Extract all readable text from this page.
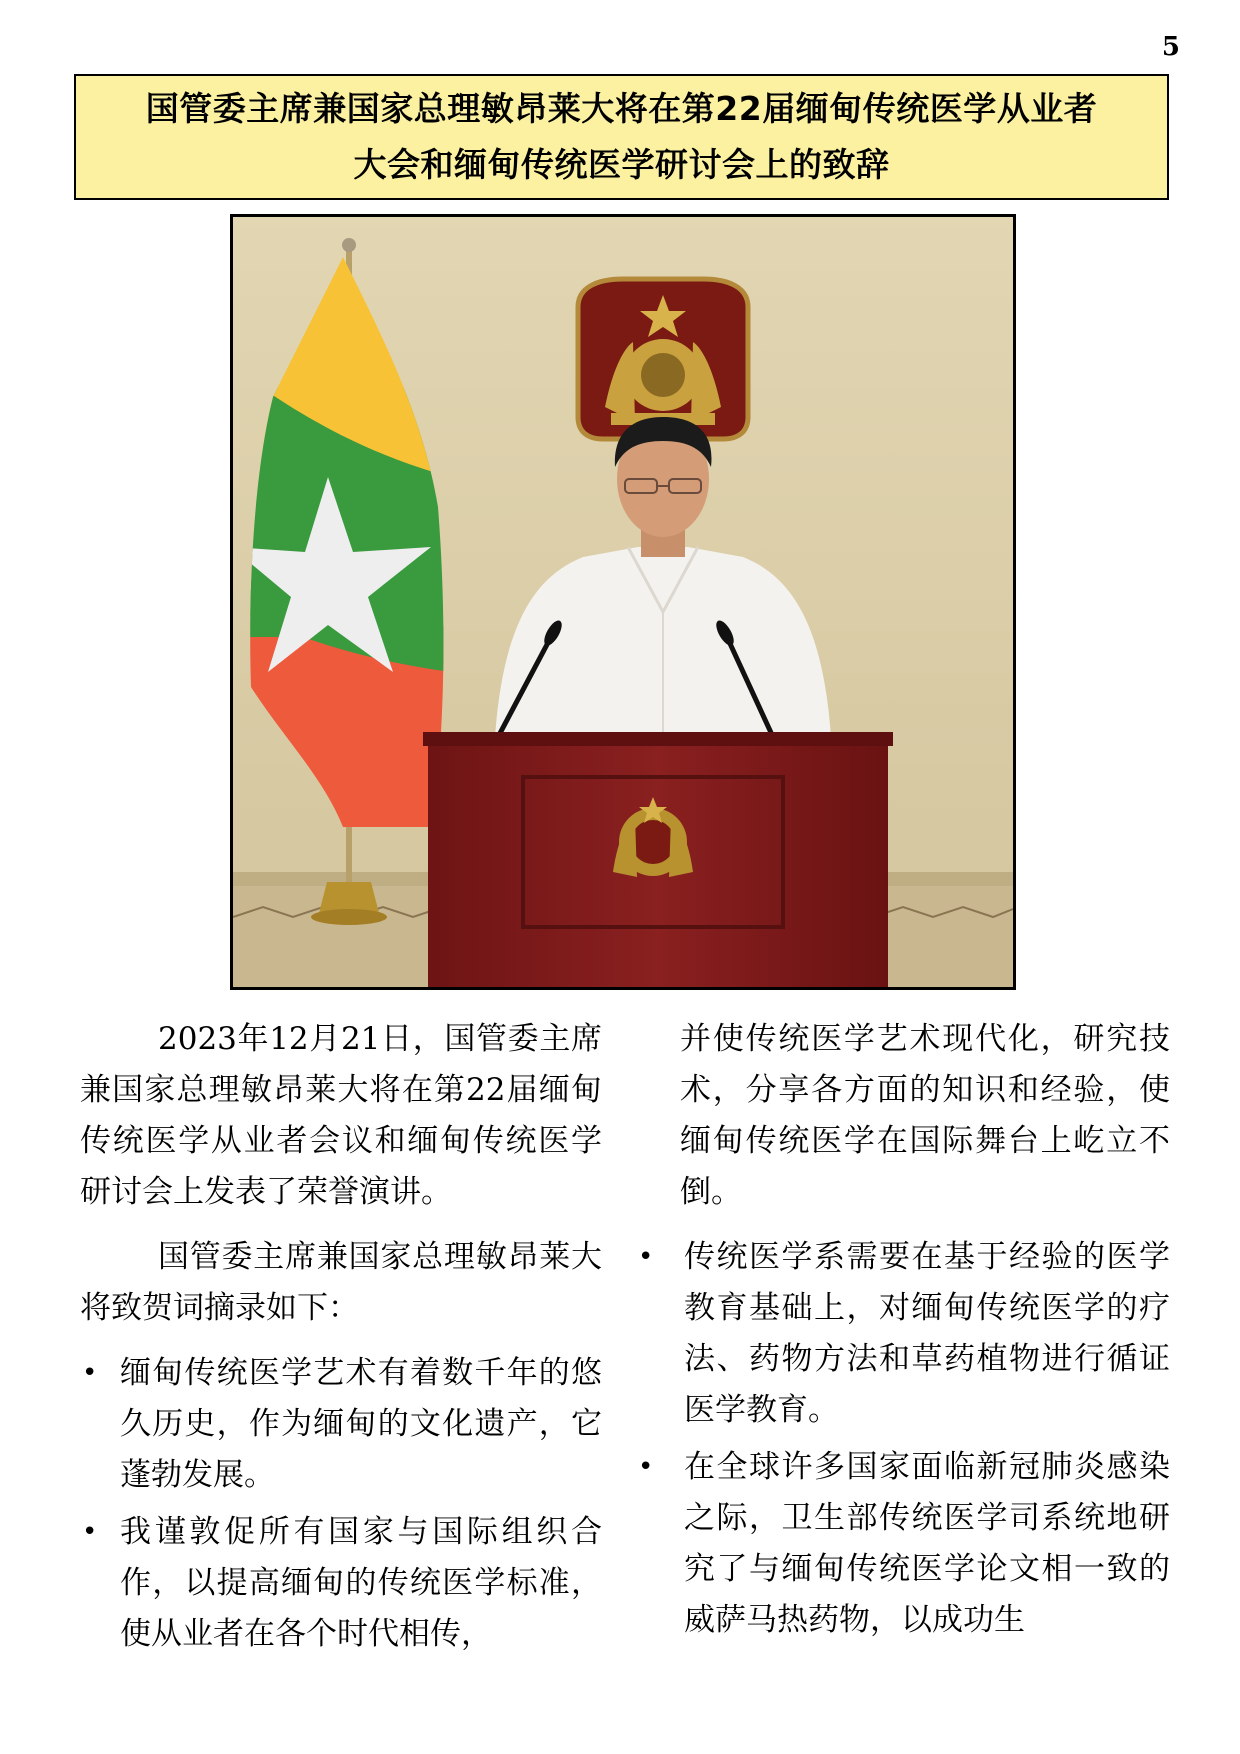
5
国管委主席兼国家总理敏昂莱大将在第22届缅甸传统医学从业者
大会和缅甸传统医学研讨会上的致辞

2023年12月21日，国管委主席兼国家总理敏昂莱大将在第22届缅甸传统医学从业者会议和缅甸传统医学研讨会上发表了荣誉演讲。

国管委主席兼国家总理敏昂莱大将致贺词摘录如下：

• 缅甸传统医学艺术有着数千年的悠久历史，作为缅甸的文化遗产，它蓬勃发展。
• 我谨敦促所有国家与国际组织合作，以提高缅甸的传统医学标准，使从业者在各个时代相传，

并使传统医学艺术现代化，研究技术，分享各方面的知识和经验，使缅甸传统医学在国际舞台上屹立不倒。

• 传统医学系需要在基于经验的医学教育基础上，对缅甸传统医学的疗法、药物方法和草药植物进行循证医学教育。
• 在全球许多国家面临新冠肺炎感染之际，卫生部传统医学司系统地研究了与缅甸传统医学论文相一致的威萨马热药物，以成功生
